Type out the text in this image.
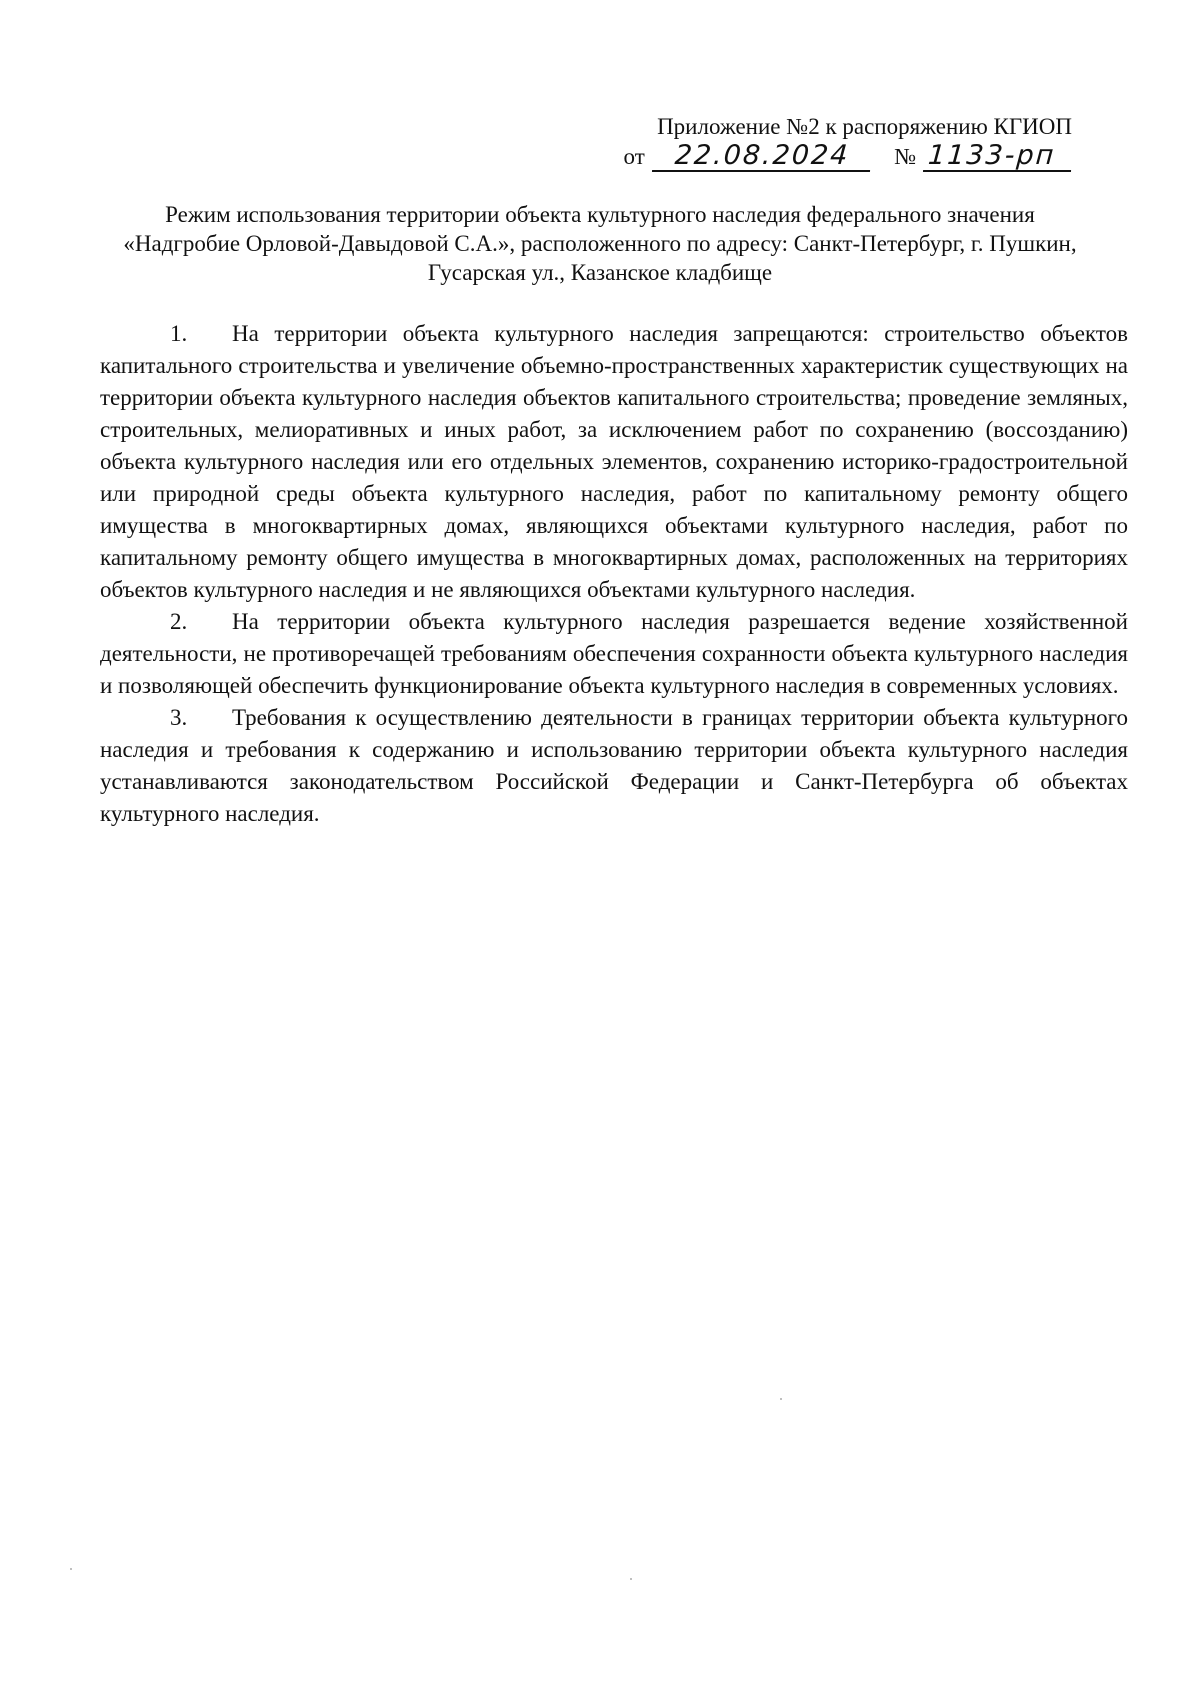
Приложение №2 к распоряжению КГИОП
от 22.08.2024 № 1133-рп
Режим использования территории объекта культурного наследия федерального значения
«Надгробие Орловой-Давыдовой С.А.», расположенного по адресу: Санкт-Петербург, г. Пушкин,
Гусарская ул., Казанское кладбище

1. На территории объекта культурного наследия запрещаются: строительство объектов капитального строительства и увеличение объемно-пространственных характеристик существующих на территории объекта культурного наследия объектов капитального строительства; проведение земляных, строительных, мелиоративных и иных работ, за исключением работ по сохранению (воссозданию) объекта культурного наследия или его отдельных элементов, сохранению историко-градостроительной или природной среды объекта культурного наследия, работ по капитальному ремонту общего имущества в многоквартирных домах, являющихся объектами культурного наследия, работ по капитальному ремонту общего имущества в многоквартирных домах, расположенных на территориях объектов культурного наследия и не являющихся объектами культурного наследия.

2. На территории объекта культурного наследия разрешается ведение хозяйственной деятельности, не противоречащей требованиям обеспечения сохранности объекта культурного наследия и позволяющей обеспечить функционирование объекта культурного наследия в современных условиях.

3. Требования к осуществлению деятельности в границах территории объекта культурного наследия и требования к содержанию и использованию территории объекта культурного наследия устанавливаются законодательством Российской Федерации и Санкт-Петербурга об объектах культурного наследия.
